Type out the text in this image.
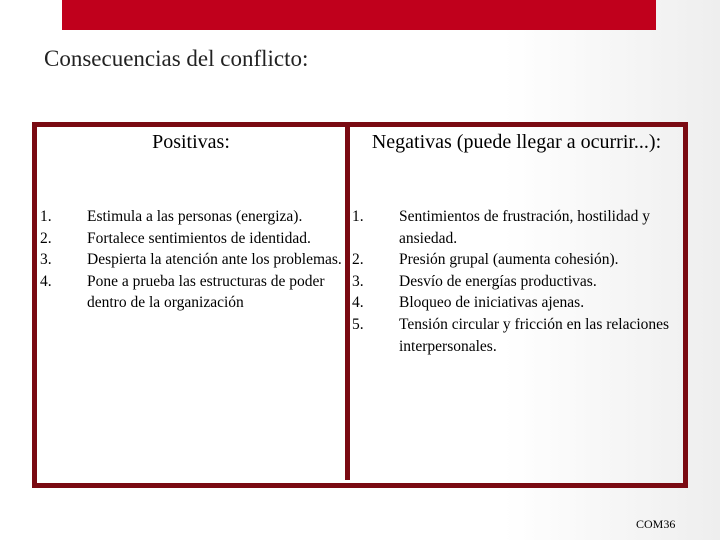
Consecuencias del conflicto:
Positivas:	Negativas (puede llegar a ocurrir...):
1. Estimula a las personas (energiza).
2. Fortalece sentimientos de identidad.
3. Despierta la atención ante los problemas.
4. Pone a prueba las estructuras de poder dentro de la organización
1. Sentimientos de frustración, hostilidad y ansiedad.
2. Presión grupal (aumenta cohesión).
3. Desvío de energías productivas.
4. Bloqueo de iniciativas ajenas.
5. Tensión circular y fricción en las relaciones interpersonales.
COM36
